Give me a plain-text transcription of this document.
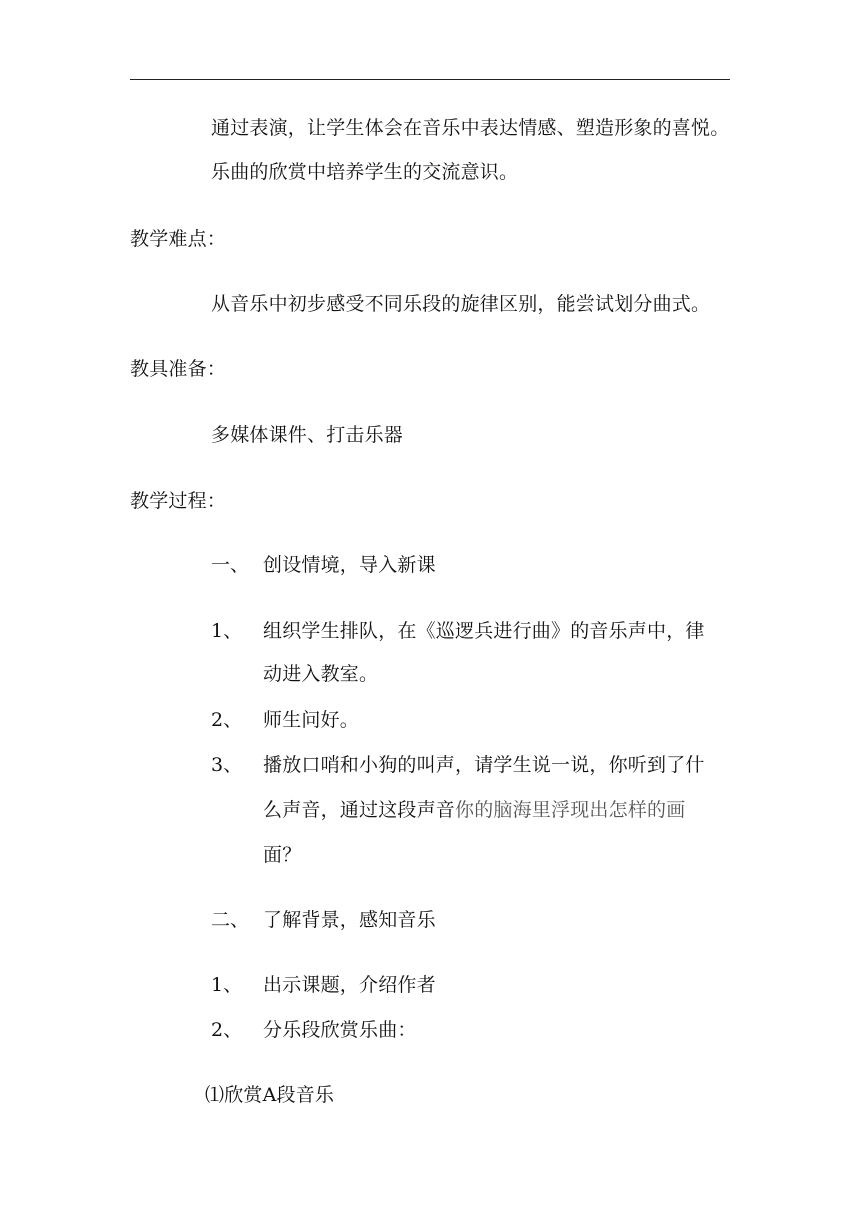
通过表演，让学生体会在音乐中表达情感、塑造形象的喜悦。
乐曲的欣赏中培养学生的交流意识。
教学难点：
从音乐中初步感受不同乐段的旋律区别，能尝试划分曲式。
教具准备：
多媒体课件、打击乐器
教学过程：
一、 创设情境，导入新课
1、 组织学生排队，在《巡逻兵进行曲》的音乐声中，律
动进入教室。
2、 师生问好。
3、 播放口哨和小狗的叫声，请学生说一说，你听到了什
么声音，通过这段声音你的脑海里浮现出怎样的画
面？
二、 了解背景，感知音乐
1、 出示课题，介绍作者
2、 分乐段欣赏乐曲：
⑴欣赏A段音乐
